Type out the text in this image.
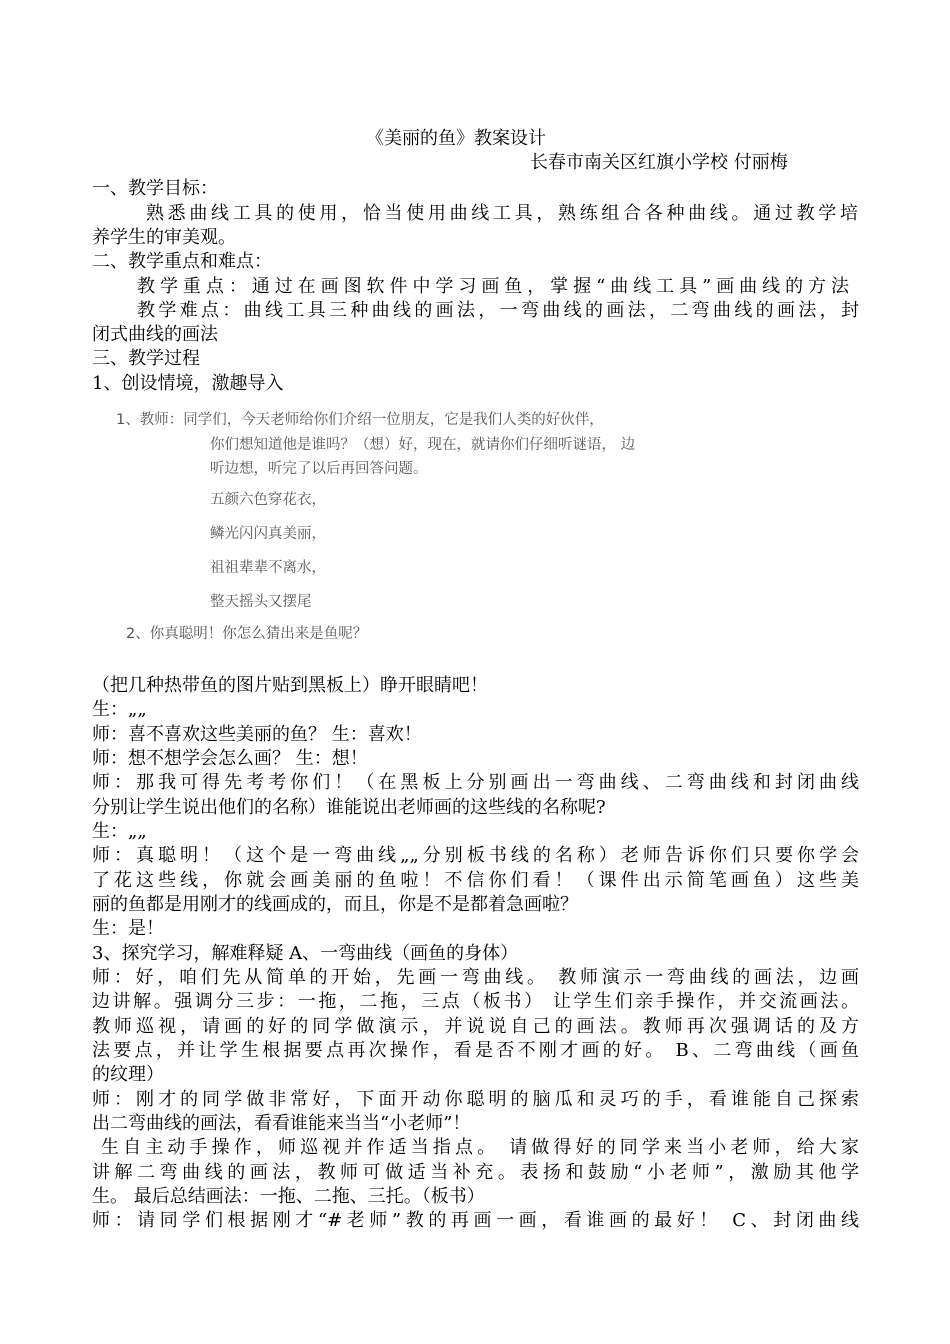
《美丽的鱼》教案设计
长春市南关区红旗小学校 付丽梅
一、教学目标：
熟悉曲线工具的使用，恰当使用曲线工具，熟练组合各种曲线。通过教学培
养学生的审美观。
二、教学重点和难点：
教学重点：通过在画图软件中学习画鱼，掌握“曲线工具”画曲线的方法
教学难点：曲线工具三种曲线的画法，一弯曲线的画法，二弯曲线的画法，封
闭式曲线的画法
三、教学过程
1、创设情境，激趣导入
1、教师：同学们，今天老师给你们介绍一位朋友，它是我们人类的好伙伴，
你们想知道他是谁吗？（想）好，现在，就请你们仔细听谜语， 边
听边想，听完了以后再回答问题。
五颜六色穿花衣，
鳞光闪闪真美丽，
祖祖辈辈不离水，
整天摇头又摆尾
2、你真聪明！你怎么猜出来是鱼呢？
（把几种热带鱼的图片贴到黑板上）睁开眼睛吧！
生：„„
师：喜不喜欢这些美丽的鱼？ 生：喜欢！
师：想不想学会怎么画？ 生：想！
师：那我可得先考考你们！（在黑板上分别画出一弯曲线、二弯曲线和封闭曲线
分别让学生说出他们的名称）谁能说出老师画的这些线的名称呢?
生：„„
师：真聪明！（这个是一弯曲线„„分别板书线的名称）老师告诉你们只要你学会
了花这些线，你就会画美丽的鱼啦！不信你们看！（课件出示简笔画鱼）这些美
丽的鱼都是用刚才的线画成的，而且，你是不是都着急画啦？
生：是！
3、探究学习，解难释疑 A、一弯曲线（画鱼的身体）
师：好，咱们先从简单的开始，先画一弯曲线。 教师演示一弯曲线的画法，边画
边讲解。强调分三步：一拖，二拖，三点（板书） 让学生们亲手操作，并交流画法。
教师巡视，请画的好的同学做演示，并说说自己的画法。教师再次强调话的及方
法要点，并让学生根据要点再次操作，看是否不刚才画的好。 B、二弯曲线（画鱼
的纹理）
师：刚才的同学做非常好，下面开动你聪明的脑瓜和灵巧的手，看谁能自己探索
出二弯曲线的画法，看看谁能来当当“小老师”！
生自主动手操作，师巡视并作适当指点。 请做得好的同学来当小老师，给大家
讲解二弯曲线的画法，教师可做适当补充。表扬和鼓励“小老师”，激励其他学
生。 最后总结画法：一拖、二拖、三托。（板书）
师：请同学们根据刚才“#老师”教的再画一画，看谁画的最好！ C、封闭曲线
